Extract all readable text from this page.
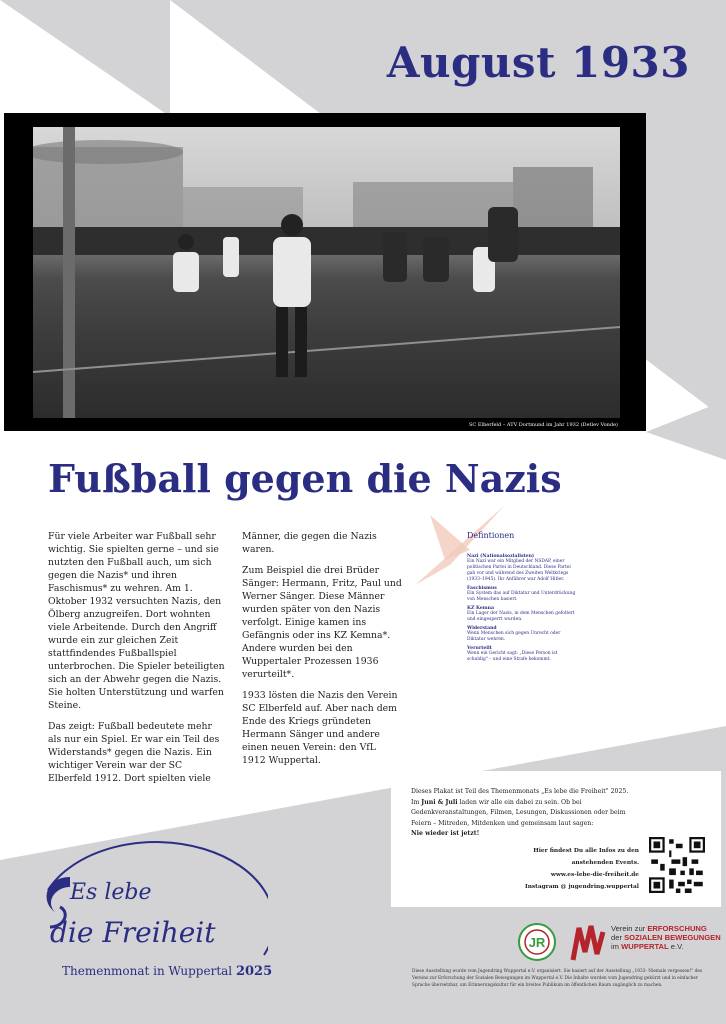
August 1933
SC Elberfeld – ATV Dortmund im Jahr 1932 (Detlev Vonde)
Fußball gegen die Nazis

Für viele Arbeiter war Fußball sehr wichtig. Sie spielten gerne – und sie nutzten den Fußball auch, um sich gegen die Nazis* und ihren Faschismus* zu wehren. Am 1. Oktober 1932 versuchten Nazis, den Ölberg anzugreifen. Dort wohnten viele Arbeitende. Durch den Angriff wurde ein zur gleichen Zeit stattfindendes Fußballspiel unterbrochen. Die Spieler beteiligten sich an der Abwehr gegen die Nazis. Sie holten Unterstützung und warfen Steine.

Das zeigt: Fußball bedeutete mehr als nur ein Spiel. Er war ein Teil des Widerstands* gegen die Nazis. Ein wichtiger Verein war der SC Elberfeld 1912. Dort spielten viele

Männer, die gegen die Nazis waren.

Zum Beispiel die drei Brüder Sänger: Hermann, Fritz, Paul und Werner Sänger. Diese Männer wurden später von den Nazis verfolgt. Einige kamen ins Gefängnis oder ins KZ Kemna*. Andere wurden bei den Wuppertaler Prozessen 1936 verurteilt*.

1933 lösten die Nazis den Verein SC Elberfeld auf. Aber nach dem Ende des Kriegs gründeten Hermann Sänger und andere einen neuen Verein: den VfL 1912 Wuppertal.

Defintionen
Nazi (Nationalsozialisten)
Ein Nazi war ein Mitglied der NSDAP, einer politischen Partei in Deutschland. Diese Partei gab vor und während des Zweiten Weltkriegs (1933–1945). Ihr Anführer war Adolf Hitler.
Faschismus
Ein System das auf Diktatur und Unterdrückung von Menschen basiert.
KZ Kemna
Ein Lager der Nazis, in dem Menschen gefoltert und eingesperrt wurden.
Widerstand
Wenn Menschen sich gegen Unrecht oder Diktatur wehren.
Verurteilt
Wenn ein Gericht sagt: „Diese Person ist schuldig" – und eine Strafe bekommt.
Dieses Plakat ist Teil des Themenmonats „Es lebe die Freiheit" 2025. Im Juni & Juli laden wir alle ein dabei zu sein. Ob bei Gedenkveranstaltungen, Filmen, Lesungen, Diskussionen oder beim Feiern – Mitreden, Mitdenken und gemeinsam laut sagen:
Nie wieder ist jetzt!
Hier findest Du alle Infos zu den anstehenden Events.
www.es-lebe-die-freiheit.de
Instagram @ jugendring.wuppertal
Es lebe
die Freiheit
Themenmonat in Wuppertal 2025
JR
Verein zur ERFORSCHUNG
der SOZIALEN BEWEGUNGEN
im WUPPERTAL e.V.
Diese Ausstellung wurde vom Jugendring Wuppertal e.V. organisiert. Sie basiert auf der Ausstellung „1933- Niemals vergessen!" des Vereins zur Erforschung der Sozialen Bewegungen im Wuppertal e.V. Die Inhalte wurden vom Jugendring gekürzt und in einfacher Sprache übersetzbar, um Erinnerungskultur für ein breites Publikum im öffentlichen Raum zugänglich zu machen.
